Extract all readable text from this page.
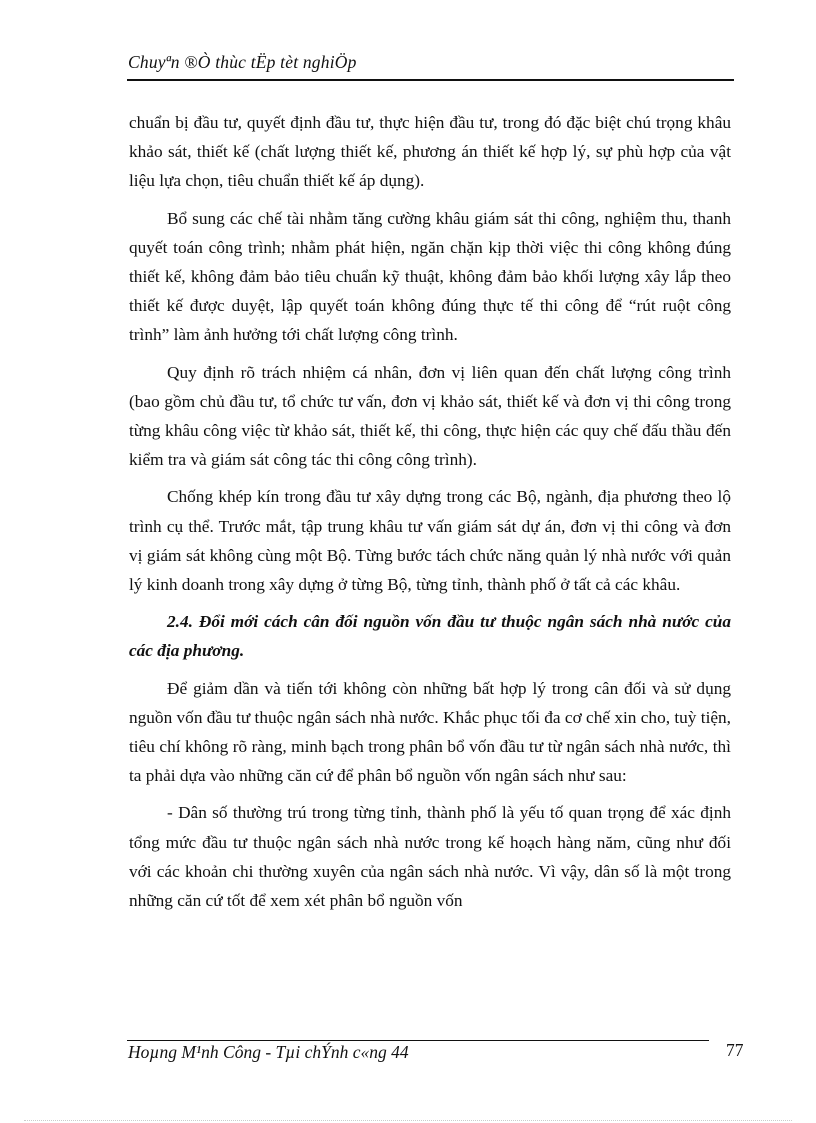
Chuyªn ®Ò thùc tËp tèt nghiÖp

chuẩn bị đầu tư, quyết định đầu tư, thực hiện đầu tư, trong đó đặc biệt chú trọng khâu khảo sát, thiết kế (chất lượng thiết kế, phương án thiết kế hợp lý, sự phù hợp của vật liệu lựa chọn, tiêu chuẩn thiết kế áp dụng).

Bổ sung các chế tài nhằm tăng cường khâu giám sát thi công, nghiệm thu, thanh quyết toán công trình; nhằm phát hiện, ngăn chặn kịp thời việc thi công không đúng thiết kế, không đảm bảo tiêu chuẩn kỹ thuật, không đảm bảo khối lượng xây lắp theo thiết kế được duyệt, lập quyết toán không đúng thực tế thi công để “rút ruột công trình” làm ảnh hưởng tới chất lượng công trình.

Quy định rõ trách nhiệm cá nhân, đơn vị liên quan đến chất lượng công trình (bao gồm chủ đầu tư, tổ chức tư vấn, đơn vị khảo sát, thiết kế và đơn vị thi công trong từng khâu công việc từ khảo sát, thiết kế, thi công, thực hiện các quy chế đấu thầu đến kiểm tra và giám sát công tác thi công công trình).

Chống khép kín trong đầu tư xây dựng trong các Bộ, ngành, địa phương theo lộ trình cụ thể. Trước mắt, tập trung khâu tư vấn giám sát dự án, đơn vị thi công và đơn vị giám sát không cùng một Bộ. Từng bước tách chức năng quản lý nhà nước với quản lý kinh doanh trong xây dựng ở từng Bộ, từng tỉnh, thành phố ở tất cả các khâu.

2.4. Đổi mới cách cân đối nguồn vốn đầu tư thuộc ngân sách nhà nước của các địa phương.

Để giảm dần và tiến tới không còn những bất hợp lý trong cân đối và sử dụng nguồn vốn đầu tư thuộc ngân sách nhà nước. Khắc phục tối đa cơ chế xin cho, tuỳ tiện, tiêu chí không rõ ràng, minh bạch trong phân bổ vốn đầu tư từ ngân sách nhà nước, thì ta phải dựa vào những căn cứ để phân bổ nguồn vốn ngân sách như sau:

- Dân số thường trú trong từng tỉnh, thành phố là yếu tố quan trọng để xác định tổng mức đầu tư thuộc ngân sách nhà nước trong kế hoạch hàng năm, cũng như đối với các khoản chi thường xuyên của ngân sách nhà nước. Vì vậy, dân số là một trong những căn cứ tốt để xem xét phân bổ nguồn vốn

Hoµng M¹nh Công - Tµi chÝnh c«ng 44	77
